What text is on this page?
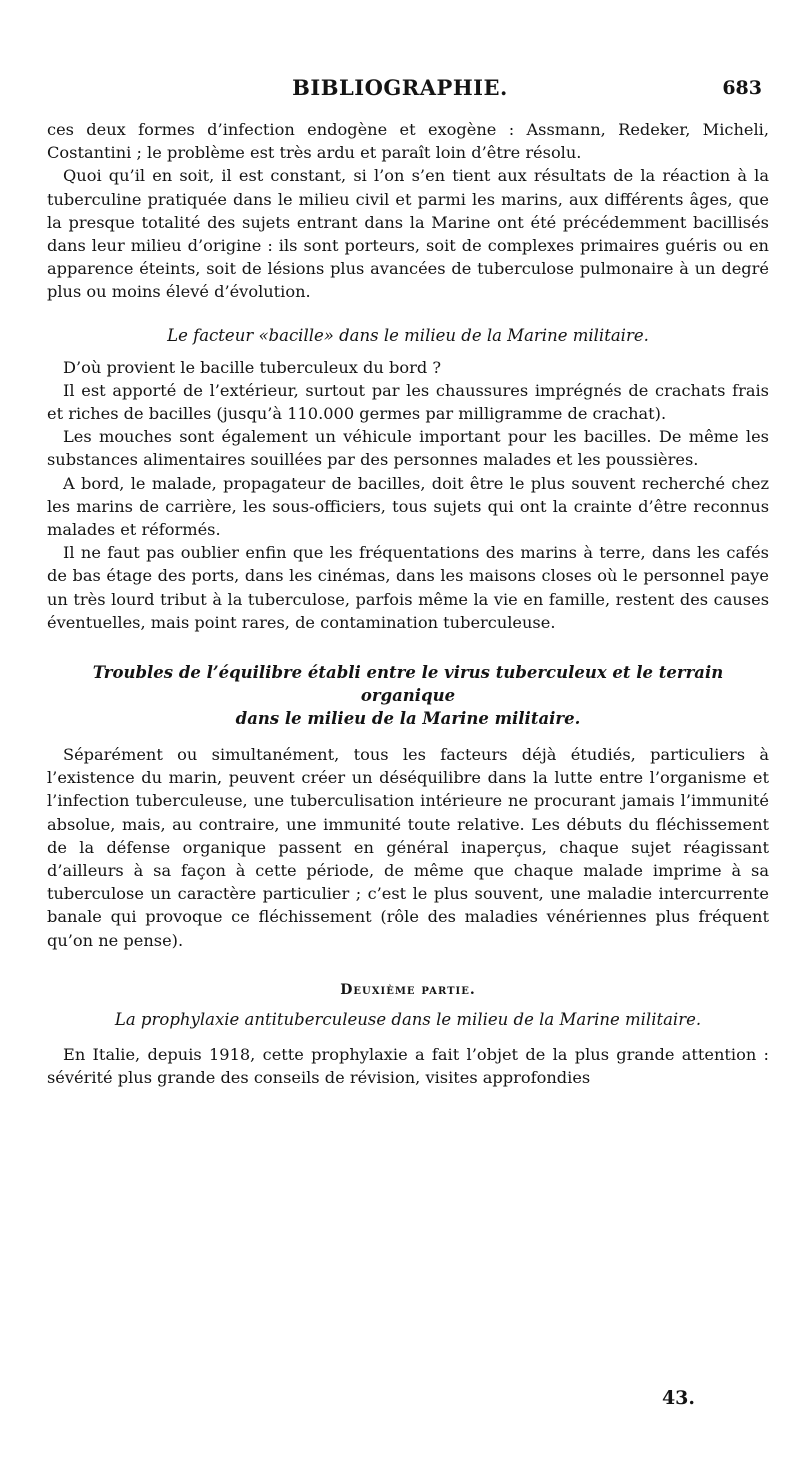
BIBLIOGRAPHIE.	683

ces deux formes d’infection endogène et exogène : Assmann, Redeker, Micheli, Costantini ; le problème est très ardu et paraît loin d’être résolu.

Quoi qu’il en soit, il est constant, si l’on s’en tient aux résultats de la réaction à la tuberculine pratiquée dans le milieu civil et parmi les marins, aux différents âges, que la presque totalité des sujets entrant dans la Marine ont été précédemment bacillisés dans leur milieu d’origine : ils sont porteurs, soit de complexes primaires guéris ou en apparence éteints, soit de lésions plus avancées de tuberculose pulmonaire à un degré plus ou moins élevé d’évolution.

Le facteur «bacille» dans le milieu de la Marine militaire.

D’où provient le bacille tuberculeux du bord ?

Il est apporté de l’extérieur, surtout par les chaussures imprégnés de crachats frais et riches de bacilles (jusqu’à 110.000 germes par milligramme de crachat).

Les mouches sont également un véhicule important pour les bacilles. De même les substances alimentaires souillées par des personnes malades et les poussières.

A bord, le malade, propagateur de bacilles, doit être le plus souvent recherché chez les marins de carrière, les sous-officiers, tous sujets qui ont la crainte d’être reconnus malades et réformés.

Il ne faut pas oublier enfin que les fréquentations des marins à terre, dans les cafés de bas étage des ports, dans les cinémas, dans les maisons closes où le personnel paye un très lourd tribut à la tuberculose, parfois même la vie en famille, restent des causes éventuelles, mais point rares, de contamination tuberculeuse.

Troubles de l’équilibre établi entre le virus tuberculeux et le terrain organique
dans le milieu de la Marine militaire.

Séparément ou simultanément, tous les facteurs déjà étudiés, particuliers à l’existence du marin, peuvent créer un déséquilibre dans la lutte entre l’organisme et l’infection tuberculeuse, une tuberculisation intérieure ne procurant jamais l’immunité absolue, mais, au contraire, une immunité toute relative. Les débuts du fléchissement de la défense organique passent en général inaperçus, chaque sujet réagissant d’ailleurs à sa façon à cette période, de même que chaque malade imprime à sa tuberculose un caractère particulier ; c’est le plus souvent, une maladie intercurrente banale qui provoque ce fléchissement (rôle des maladies vénériennes plus fréquent qu’on ne pense).

Deuxième partie.
La prophylaxie antituberculeuse dans le milieu de la Marine militaire.

En Italie, depuis 1918, cette prophylaxie a fait l’objet de la plus grande attention : sévérité plus grande des conseils de révision, visites approfondies

43.
